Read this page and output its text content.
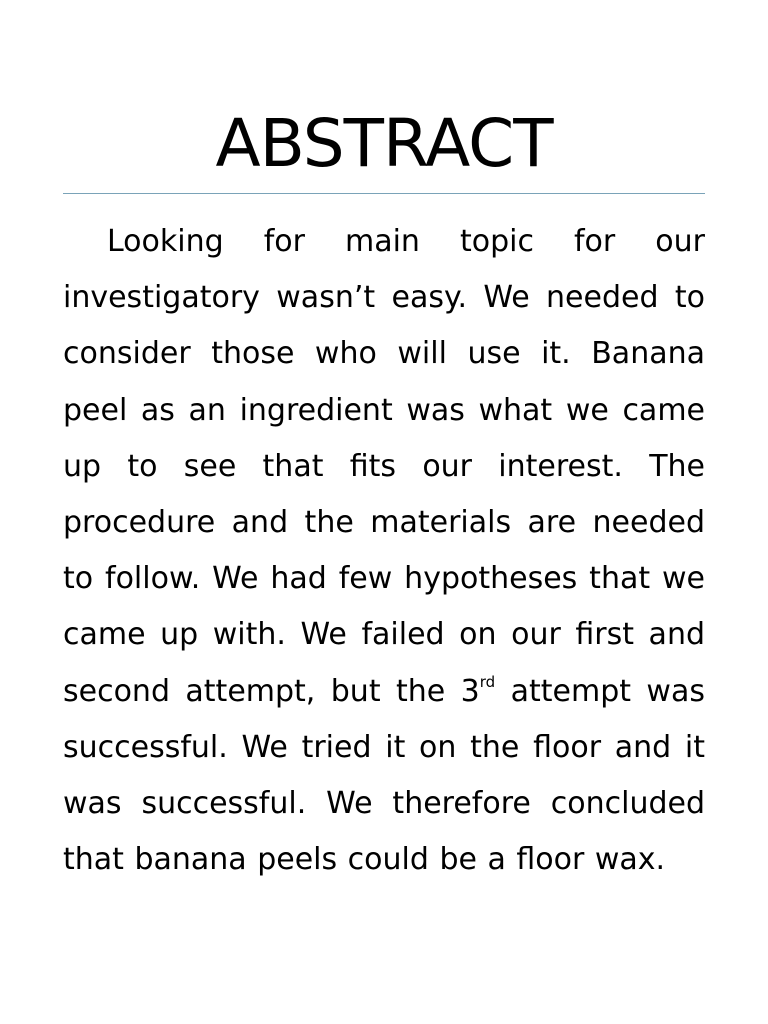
ABSTRACT

Looking for main topic for our investigatory wasn’t easy. We needed to consider those who will use it. Banana peel as an ingredient was what we came up to see that fits our interest. The procedure and the materials are needed to follow. We had few hypotheses that we came up with. We failed on our first and second attempt, but the 3rd attempt was successful. We tried it on the floor and it was successful. We therefore concluded that banana peels could be a floor wax.
